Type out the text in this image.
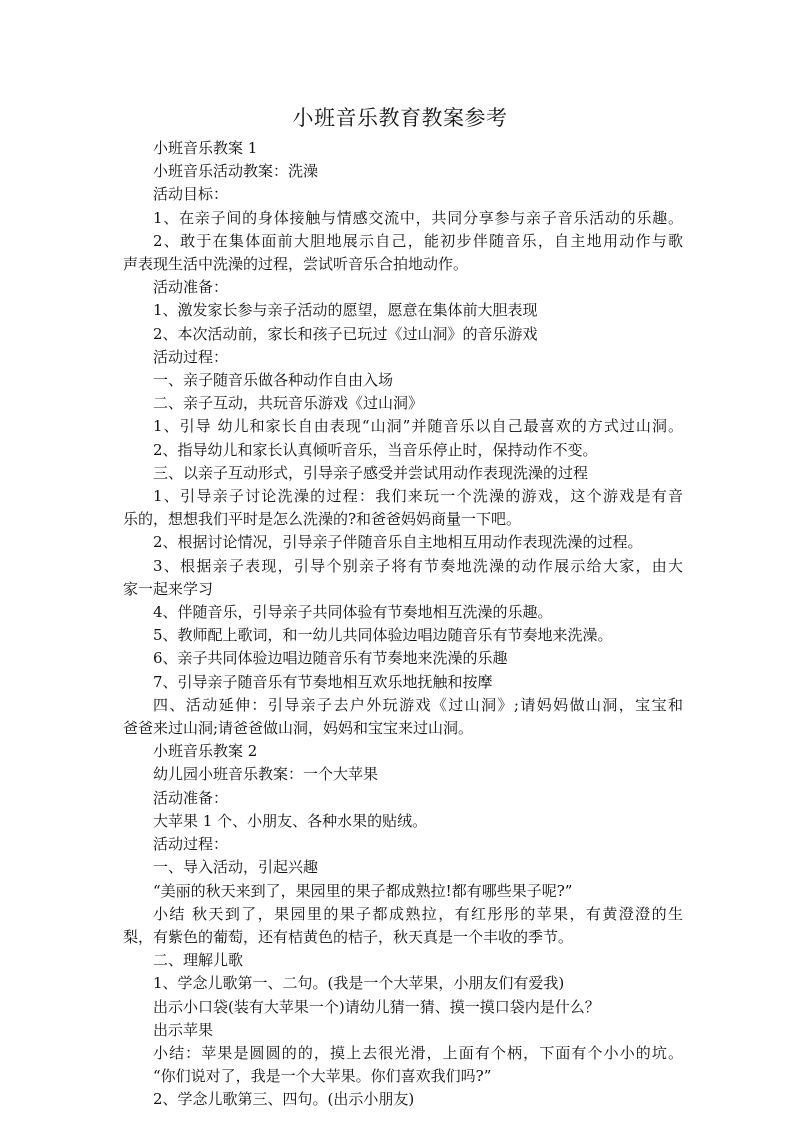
小班音乐教育教案参考
小班音乐教案 1
小班音乐活动教案：洗澡
活动目标：
1、在亲子间的身体接触与情感交流中，共同分享参与亲子音乐活动的乐趣。
2、敢于在集体面前大胆地展示自己，能初步伴随音乐，自主地用动作与歌
声表现生活中洗澡的过程，尝试听音乐合拍地动作。
活动准备：
1、激发家长参与亲子活动的愿望，愿意在集体前大胆表现
2、本次活动前，家长和孩子已玩过《过山洞》的音乐游戏
活动过程：
一、亲子随音乐做各种动作自由入场
二、亲子互动，共玩音乐游戏《过山洞》
1、引导 幼儿和家长自由表现“山洞”并随音乐以自己最喜欢的方式过山洞。
2、指导幼儿和家长认真倾听音乐，当音乐停止时，保持动作不变。
三、以亲子互动形式，引导亲子感受并尝试用动作表现洗澡的过程
1、引导亲子讨论洗澡的过程：我们来玩一个洗澡的游戏，这个游戏是有音
乐的，想想我们平时是怎么洗澡的?和爸爸妈妈商量一下吧。
2、根据讨论情况，引导亲子伴随音乐自主地相互用动作表现洗澡的过程。
3、根据亲子表现，引导个别亲子将有节奏地洗澡的动作展示给大家，由大
家一起来学习
4、伴随音乐，引导亲子共同体验有节奏地相互洗澡的乐趣。
5、教师配上歌词，和一幼儿共同体验边唱边随音乐有节奏地来洗澡。
6、亲子共同体验边唱边随音乐有节奏地来洗澡的乐趣
7、引导亲子随音乐有节奏地相互欢乐地抚触和按摩
四、活动延伸：引导亲子去户外玩游戏《过山洞》;请妈妈做山洞，宝宝和
爸爸来过山洞;请爸爸做山洞，妈妈和宝宝来过山洞。
小班音乐教案 2
幼儿园小班音乐教案：一个大苹果
活动准备：
大苹果 1 个、小朋友、各种水果的贴绒。
活动过程：
一、导入活动，引起兴趣
“美丽的秋天来到了，果园里的果子都成熟拉!都有哪些果子呢?”
小结 秋天到了，果园里的果子都成熟拉，有红彤彤的苹果，有黄澄澄的生
梨，有紫色的葡萄，还有桔黄色的桔子，秋天真是一个丰收的季节。
二、理解儿歌
1、学念儿歌第一、二句。(我是一个大苹果，小朋友们有爱我)
出示小口袋(装有大苹果一个)请幼儿猜一猜、摸一摸口袋内是什么？
出示苹果
小结：苹果是圆圆的的，摸上去很光滑，上面有个柄，下面有个小小的坑。
“你们说对了，我是一个大苹果。你们喜欢我们吗?”
2、学念儿歌第三、四句。(出示小朋友)
